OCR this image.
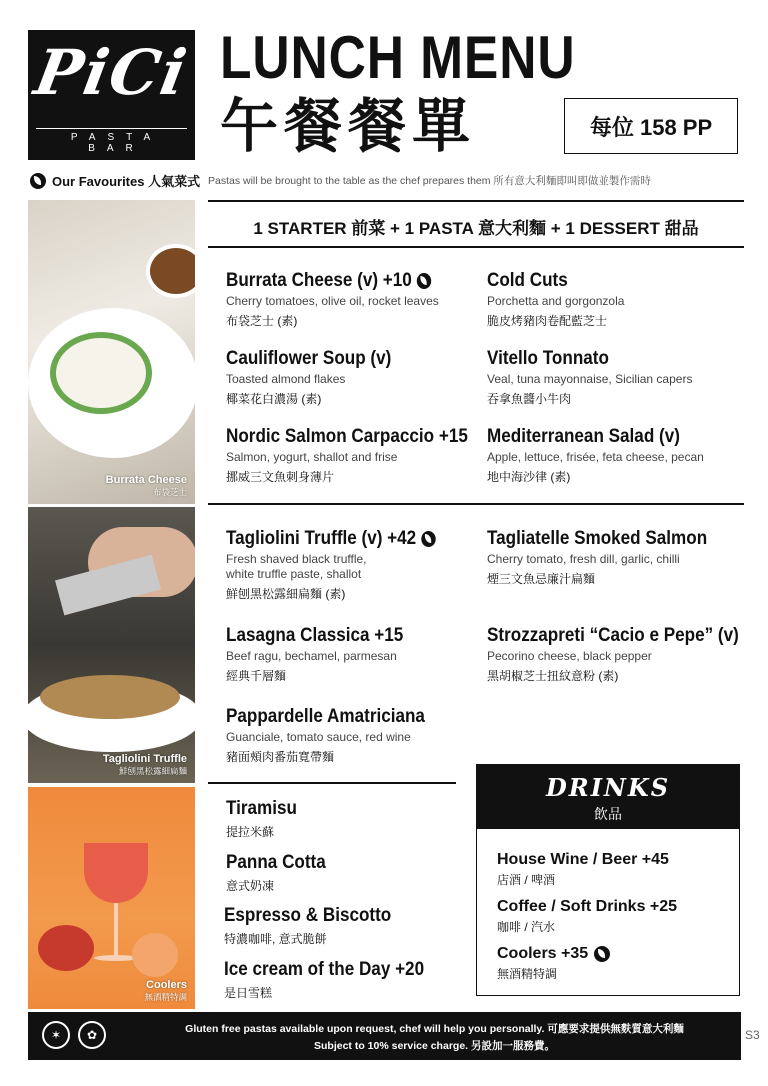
PiCi
PASTA BAR
LUNCH MENU
午餐餐單	每位 158 PP
Our Favourites 人氣菜式 Pastas will be brought to the table as the chef prepares them 所有意大利麵即叫即做並製作需時
Burrata Cheese
布袋芝士
Tagliolini Truffle
鮮刨黑松露細扁麵
Coolers
無酒精特調
1 STARTER 前菜 + 1 PASTA 意大利麵 + 1 DESSERT 甜品
Burrata Cheese (v) +10
Cherry tomatoes, olive oil, rocket leaves
布袋芝士 (素)
Cold Cuts
Porchetta and gorgonzola
脆皮烤豬肉卷配藍芝士
Cauliflower Soup (v)
Toasted almond flakes
椰菜花白濃湯 (素)
Vitello Tonnato
Veal, tuna mayonnaise, Sicilian capers
吞拿魚醬小牛肉
Nordic Salmon Carpaccio +15
Salmon, yogurt, shallot and frise
挪威三文魚刺身薄片
Mediterranean Salad (v)
Apple, lettuce, frisée, feta cheese, pecan
地中海沙律 (素)
Tagliolini Truffle (v) +42
Fresh shaved black truffle, white truffle paste, shallot
鮮刨黑松露細扁麵 (素)
Tagliatelle Smoked Salmon
Cherry tomato, fresh dill, garlic, chilli
煙三文魚忌廉汁扁麵
Lasagna Classica +15
Beef ragu, bechamel, parmesan
經典千層麵
Strozzapreti “Cacio e Pepe” (v)
Pecorino cheese, black pepper
黑胡椒芝士扭紋意粉 (素)
Pappardelle Amatriciana
Guanciale, tomato sauce, red wine
豬面頰肉番茄寬帶麵
Tiramisu
提拉米蘇
Panna Cotta
意式奶凍
Espresso & Biscotto
特濃咖啡, 意式脆餅
Ice cream of the Day +20
是日雪糕
DRINKS
飲品
House Wine / Beer +45
店酒 / 啤酒
Coffee / Soft Drinks +25
咖啡 / 汽水
Coolers +35
無酒精特調
✶	✿	Gluten free pastas available upon request, chef will help you personally. 可應要求提供無麩質意大利麵
Subject to 10% service charge. 另設加一服務費。
S3
